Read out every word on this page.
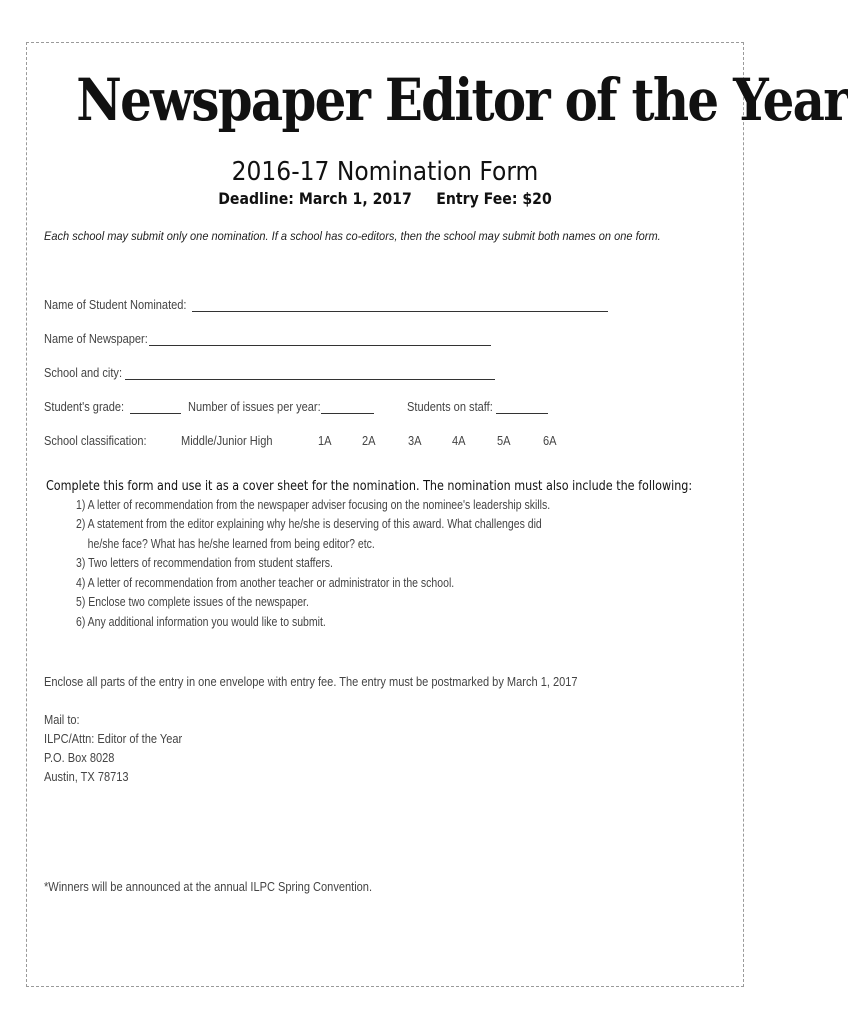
Newspaper Editor of the Year
2016-17 Nomination Form
Deadline: March 1, 2017     Entry Fee: $20
Each school may submit only one nomination. If a school has co-editors, then the school may submit both names on one form.
Name of Student Nominated:
Name of Newspaper:
School and city:
Student's grade:	Number of issues per year:	Students on staff:
School classification:	Middle/Junior High	1A 2A 3A 4A 5A 6A
Complete this form and use it as a cover sheet for the nomination. The nomination must also include the following:
1) A letter of recommendation from the newspaper adviser focusing on the nominee's leadership skills.
2) A statement from the editor explaining why he/she is deserving of this award. What challenges did
he/she face? What has he/she learned from being editor? etc.
3) Two letters of recommendation from student staffers.
4) A letter of recommendation from another teacher or administrator in the school.
5) Enclose two complete issues of the newspaper.
6) Any additional information you would like to submit.
Enclose all parts of the entry in one envelope with entry fee. The entry must be postmarked by March 1, 2017
Mail to:
ILPC/Attn: Editor of the Year
P.O. Box 8028
Austin, TX 78713
*Winners will be announced at the annual ILPC Spring Convention.
